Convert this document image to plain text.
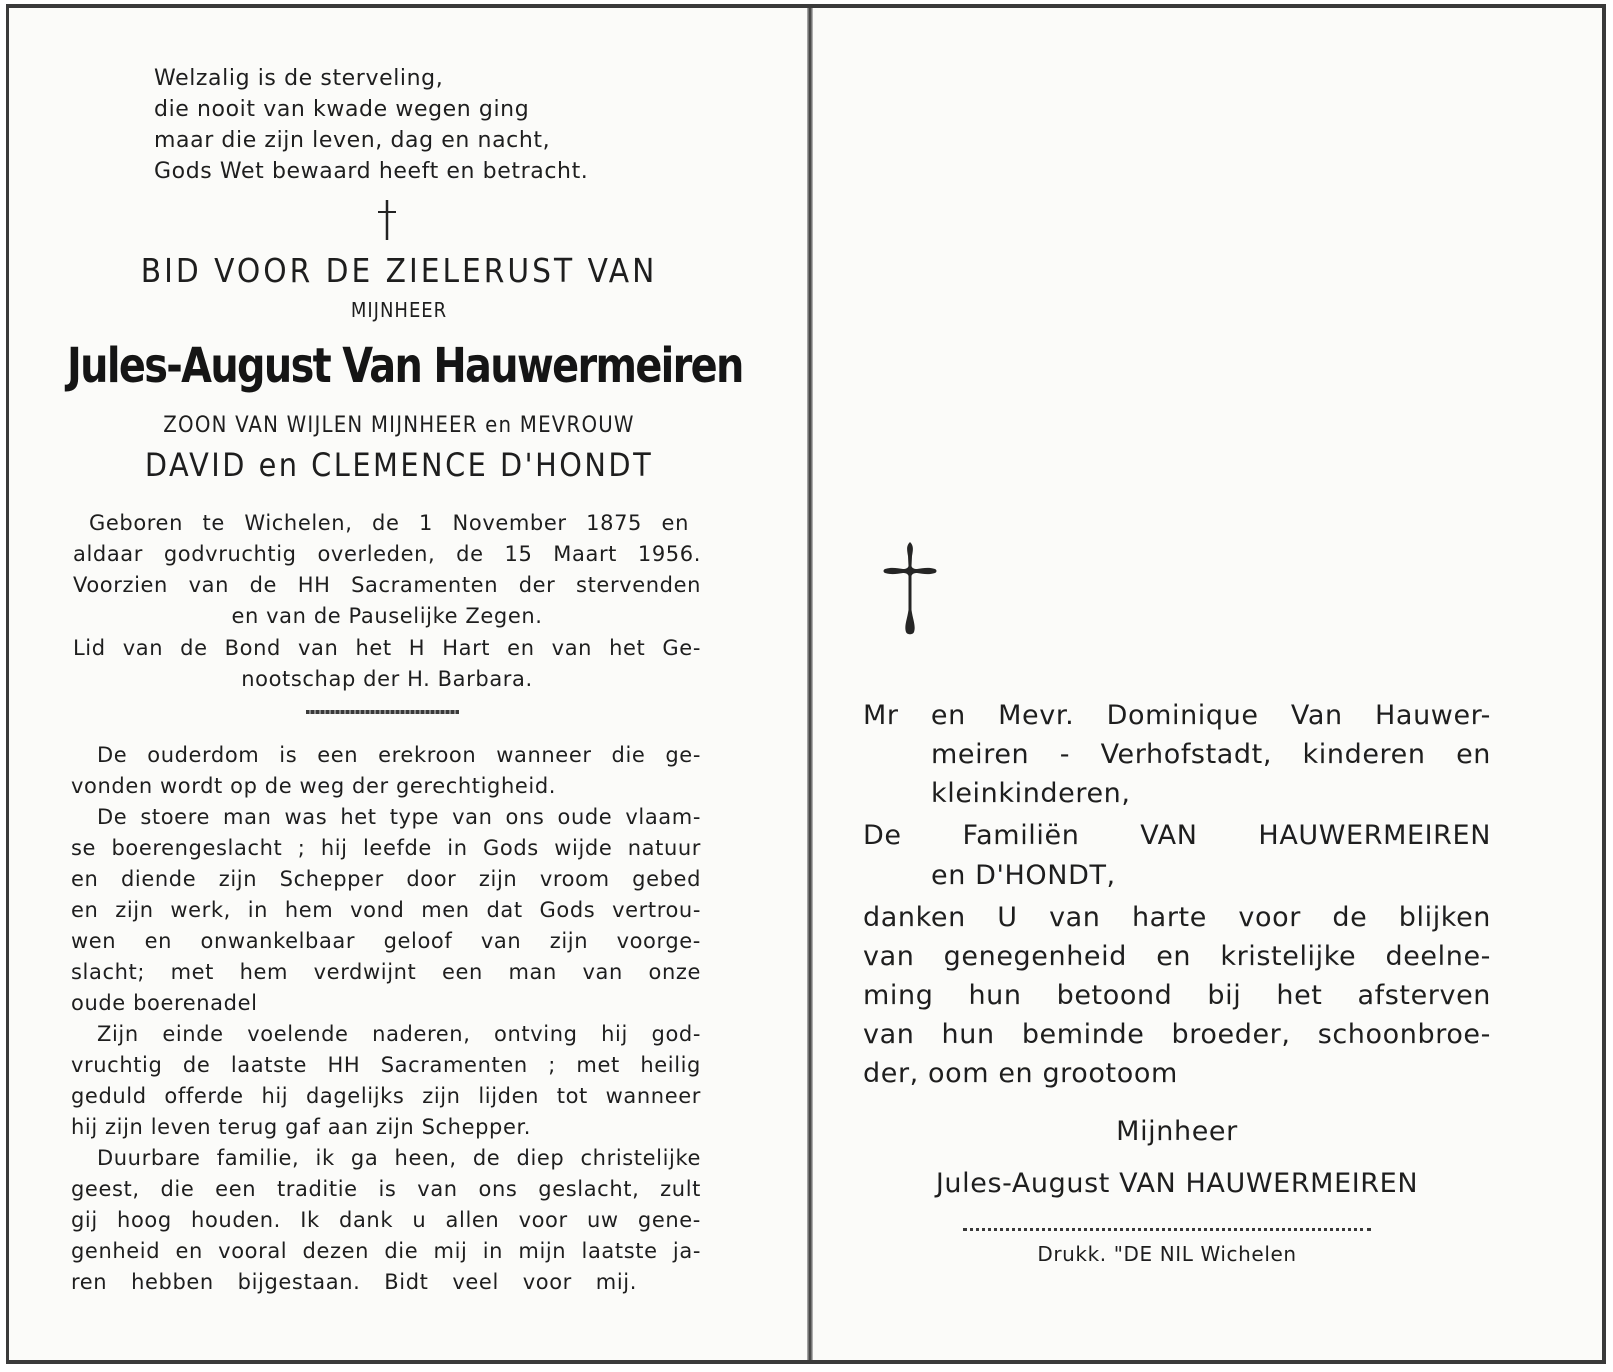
Welzalig is de sterveling,
die nooit van kwade wegen ging
maar die zijn leven, dag en nacht,
Gods Wet bewaard heeft en betracht.
BID VOOR DE ZIELERUST VAN
MIJNHEER
Jules-August Van Hauwermeiren
ZOON VAN WIJLEN MIJNHEER en MEVROUW
DAVID en CLEMENCE D'HONDT
Geboren te Wichelen, de 1 November 1875 en
aldaar godvruchtig overleden, de 15 Maart 1956.
Voorzien van de HH Sacramenten der stervenden
en van de Pauselijke Zegen.
Lid van de Bond van het H Hart en van het Ge-
nootschap der H. Barbara.
De ouderdom is een erekroon wanneer die ge-
vonden wordt op de weg der gerechtigheid.
De stoere man was het type van ons oude vlaam-
se boerengeslacht ; hij leefde in Gods wijde natuur
en diende zijn Schepper door zijn vroom gebed
en zijn werk, in hem vond men dat Gods vertrou-
wen en onwankelbaar geloof van zijn voorge-
slacht; met hem verdwijnt een man van onze
oude boerenadel
Zijn einde voelende naderen, ontving hij god-
vruchtig de laatste HH Sacramenten ; met heilig
geduld offerde hij dagelijks zijn lijden tot wanneer
hij zijn leven terug gaf aan zijn Schepper.
Duurbare familie, ik ga heen, de diep christelijke
geest, die een traditie is van ons geslacht, zult
gij hoog houden. Ik dank u allen voor uw gene-
genheid en vooral dezen die mij in mijn laatste ja-
ren hebben bijgestaan. Bidt veel voor mij.
Mr en Mevr. Dominique Van Hauwer-
meiren - Verhofstadt, kinderen en
kleinkinderen,
De Familiën VAN HAUWERMEIREN
en D'HONDT,
danken U van harte voor de blijken
van genegenheid en kristelijke deelne-
ming hun betoond bij het afsterven
van hun beminde broeder, schoonbroe-
der, oom en grootoom
Mijnheer
Jules-August VAN HAUWERMEIREN
Drukk. "DE NIL Wichelen
